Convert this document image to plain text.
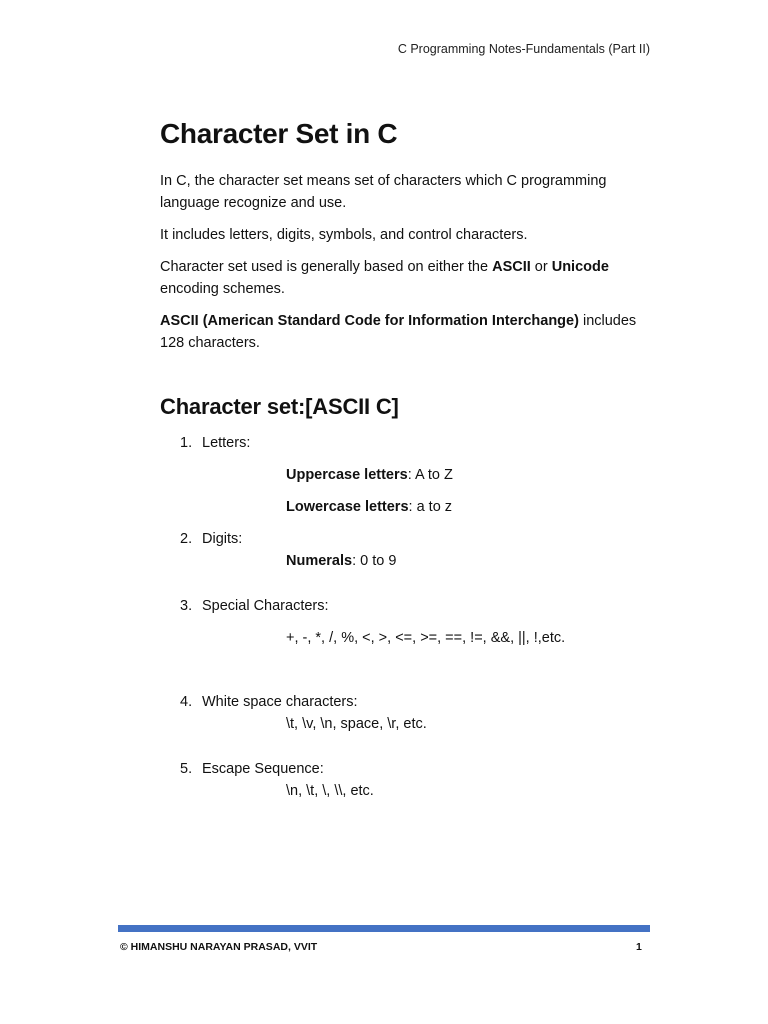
C Programming Notes-Fundamentals (Part II)
Character Set in C

In C, the character set means set of characters which C programming language recognize and use.

It includes letters, digits, symbols, and control characters.

Character set used is generally based on either the ASCII or Unicode encoding schemes.

ASCII (American Standard Code for Information Interchange) includes 128 characters.

Character set:[ASCII C]
1. Letters:
Uppercase letters: A to Z
Lowercase letters: a to z
2. Digits:
Numerals: 0 to 9
3. Special Characters:
+, -, *, /, %, <, >, <=, >=, ==, !=, &&, ||, !,etc.
4. White space characters:
\t, \v, \n, space, \r, etc.
5. Escape Sequence:
\n, \t, \, \\, etc.
© HIMANSHU NARAYAN PRASAD, VVIT	1
